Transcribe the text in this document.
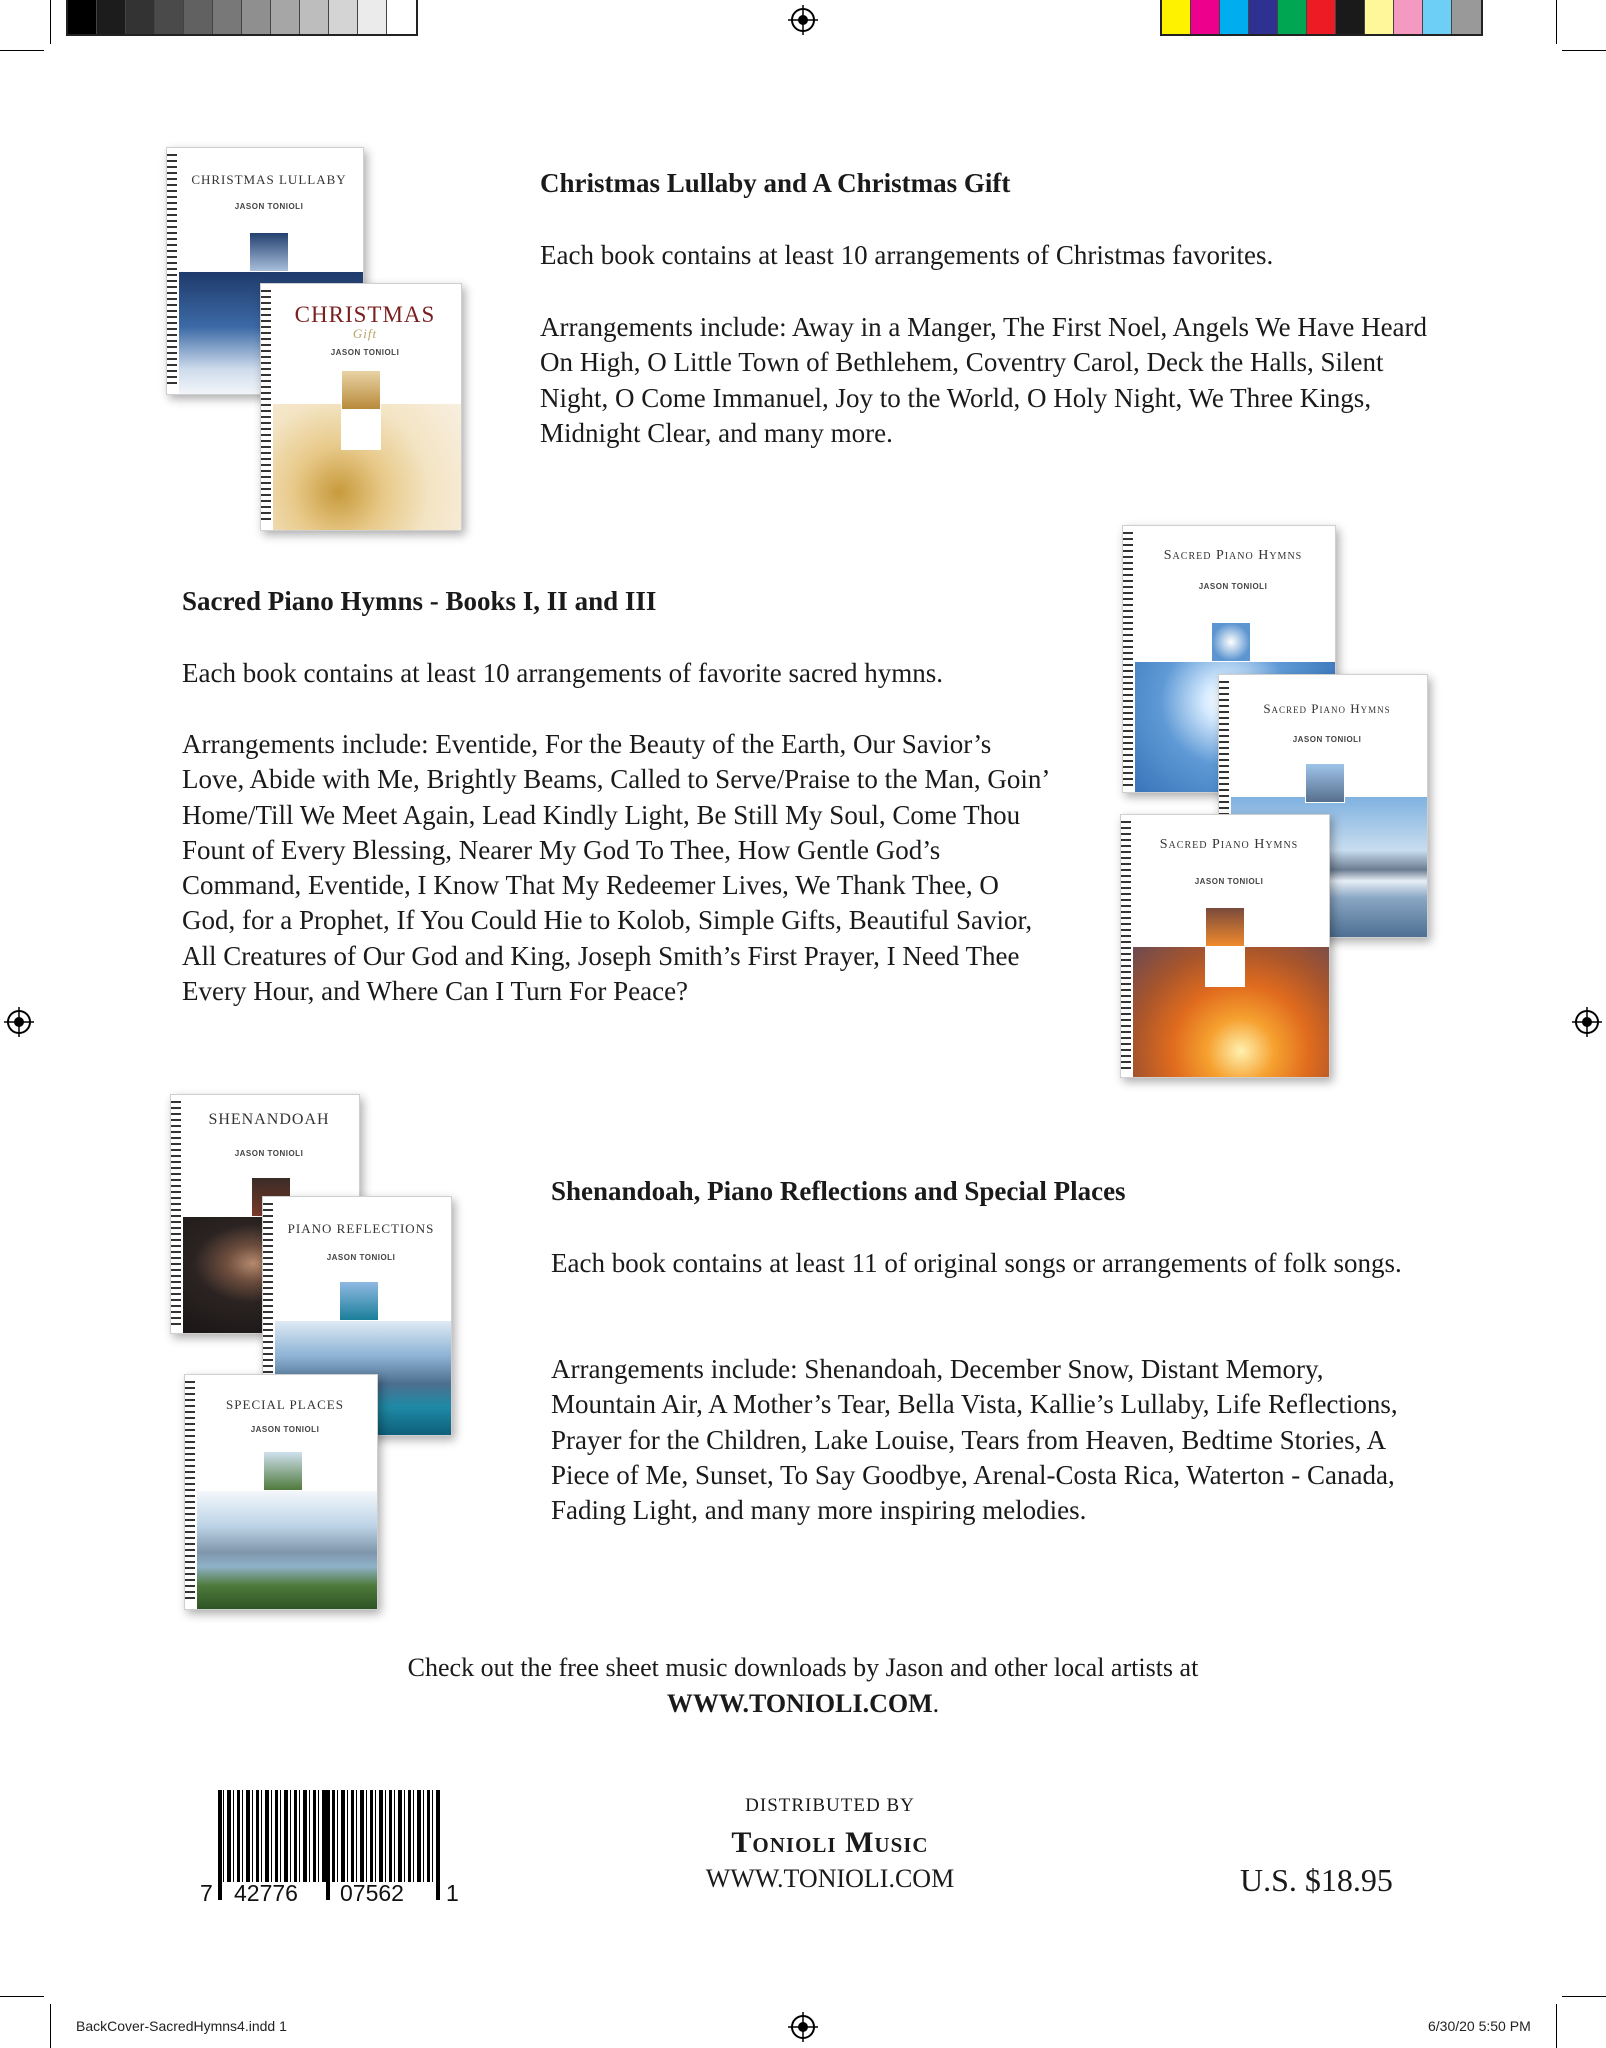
CHRISTMAS LULLABY
JASON TONIOLI
CHRISTMAS
Gift
JASON TONIOLI
Christmas Lullaby and A Christmas Gift
Each book contains at least 10 arrangements of Christmas favorites.
Arrangements include: Away in a Manger, The First Noel, Angels We Have Heard On High, O Little Town of Bethlehem, Coventry Carol, Deck the Halls, Silent Night, O Come Immanuel, Joy to the World, O Holy Night, We Three Kings, Midnight Clear, and many more.
Sacred Piano Hymns - Books I, II and III
Each book contains at least 10 arrangements of favorite sacred hymns.
Arrangements include: Eventide, For the Beauty of the Earth, Our Savior’s Love, Abide with Me, Brightly Beams, Called to Serve/Praise to the Man, Goin’ Home/Till We Meet Again, Lead Kindly Light, Be Still My Soul, Come Thou Fount of Every Blessing, Nearer My God To Thee, How Gentle God’s Command, Eventide, I Know That My Redeemer Lives, We Thank Thee, O God, for a Prophet, If You Could Hie to Kolob, Simple Gifts, Beautiful Savior, All Creatures of Our God and King, Joseph Smith’s First Prayer, I Need Thee Every Hour, and Where Can I Turn For Peace?
Sacred Piano Hymns
JASON TONIOLI
Sacred Piano Hymns
JASON TONIOLI
Sacred Piano Hymns
JASON TONIOLI
SHENANDOAH
JASON TONIOLI
PIANO REFLECTIONS
JASON TONIOLI
SPECIAL PLACES
JASON TONIOLI
Shenandoah, Piano Reflections and Special Places
Each book contains at least 11 of original songs or arrangements of folk songs.
Arrangements include: Shenandoah, December Snow, Distant Memory, Mountain Air, A Mother’s Tear, Bella Vista, Kallie’s Lullaby, Life Reflections, Prayer for the Children, Lake Louise, Tears from Heaven, Bedtime Stories, A Piece of Me, Sunset, To Say Goodbye, Arenal-Costa Rica, Waterton - Canada, Fading Light, and many more inspiring melodies.
Check out the free sheet music downloads by Jason and other local artists at
WWW.TONIOLI.COM.
7 42776 07562 1
DISTRIBUTED BY
Tonioli Music
WWW.TONIOLI.COM	U.S. $18.95
BackCover-SacredHymns4.indd 1	6/30/20 5:50 PM
